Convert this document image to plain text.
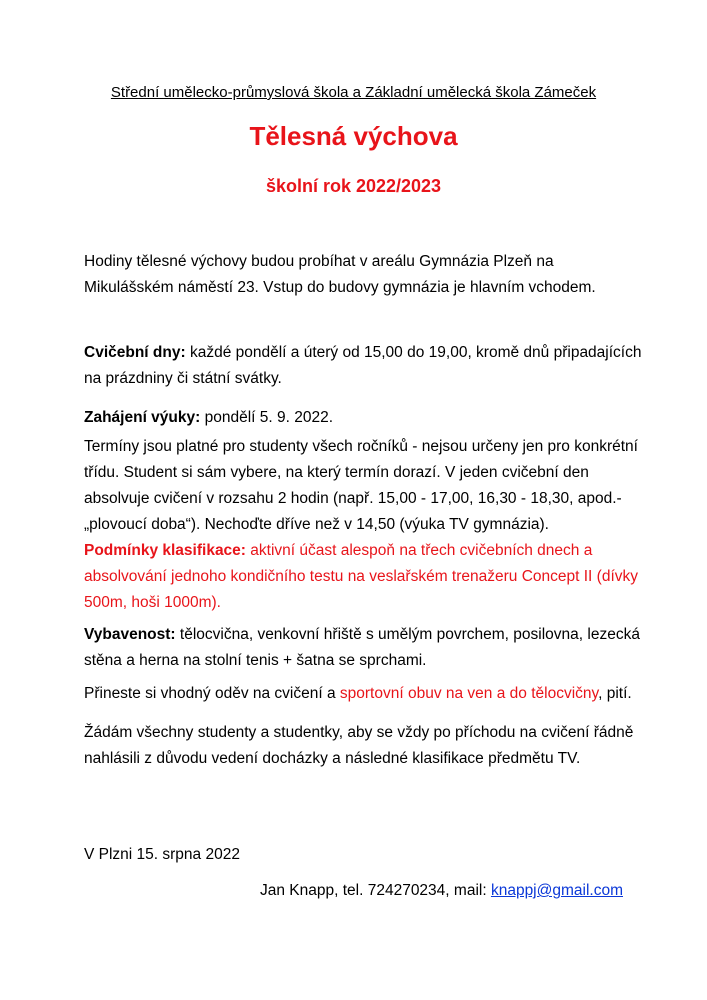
Střední umělecko-průmyslová škola a Základní umělecká škola Zámeček
Tělesná výchova
školní rok 2022/2023

Hodiny tělesné výchovy budou probíhat v areálu Gymnázia Plzeň na Mikulášském náměstí 23. Vstup do budovy gymnázia je hlavním vchodem.

Cvičební dny: každé pondělí a úterý od 15,00 do 19,00, kromě dnů připadajících na prázdniny či státní svátky.

Zahájení výuky: pondělí 5. 9. 2022.

Termíny jsou platné pro studenty všech ročníků - nejsou určeny jen pro konkrétní třídu. Student si sám vybere, na který termín dorazí. V jeden cvičební den absolvuje cvičení v rozsahu 2 hodin (např. 15,00 - 17,00, 16,30 - 18,30, apod.- „plovoucí doba“). Nechoďte dříve než v 14,50 (výuka TV gymnázia).

Podmínky klasifikace: aktivní účast alespoň na třech cvičebních dnech a absolvování jednoho kondičního testu na veslařském trenažeru Concept II (dívky 500m, hoši 1000m).

Vybavenost: tělocvična, venkovní hřiště s umělým povrchem, posilovna, lezecká stěna a herna na stolní tenis + šatna se sprchami.

Přineste si vhodný oděv na cvičení a sportovní obuv na ven a do tělocvičny, pití.

Žádám všechny studenty a studentky, aby se vždy po příchodu na cvičení řádně nahlásili z důvodu vedení docházky a následné klasifikace předmětu TV.

V Plzni 15. srpna 2022
Jan Knapp, tel. 724270234, mail: knappj@gmail.com
